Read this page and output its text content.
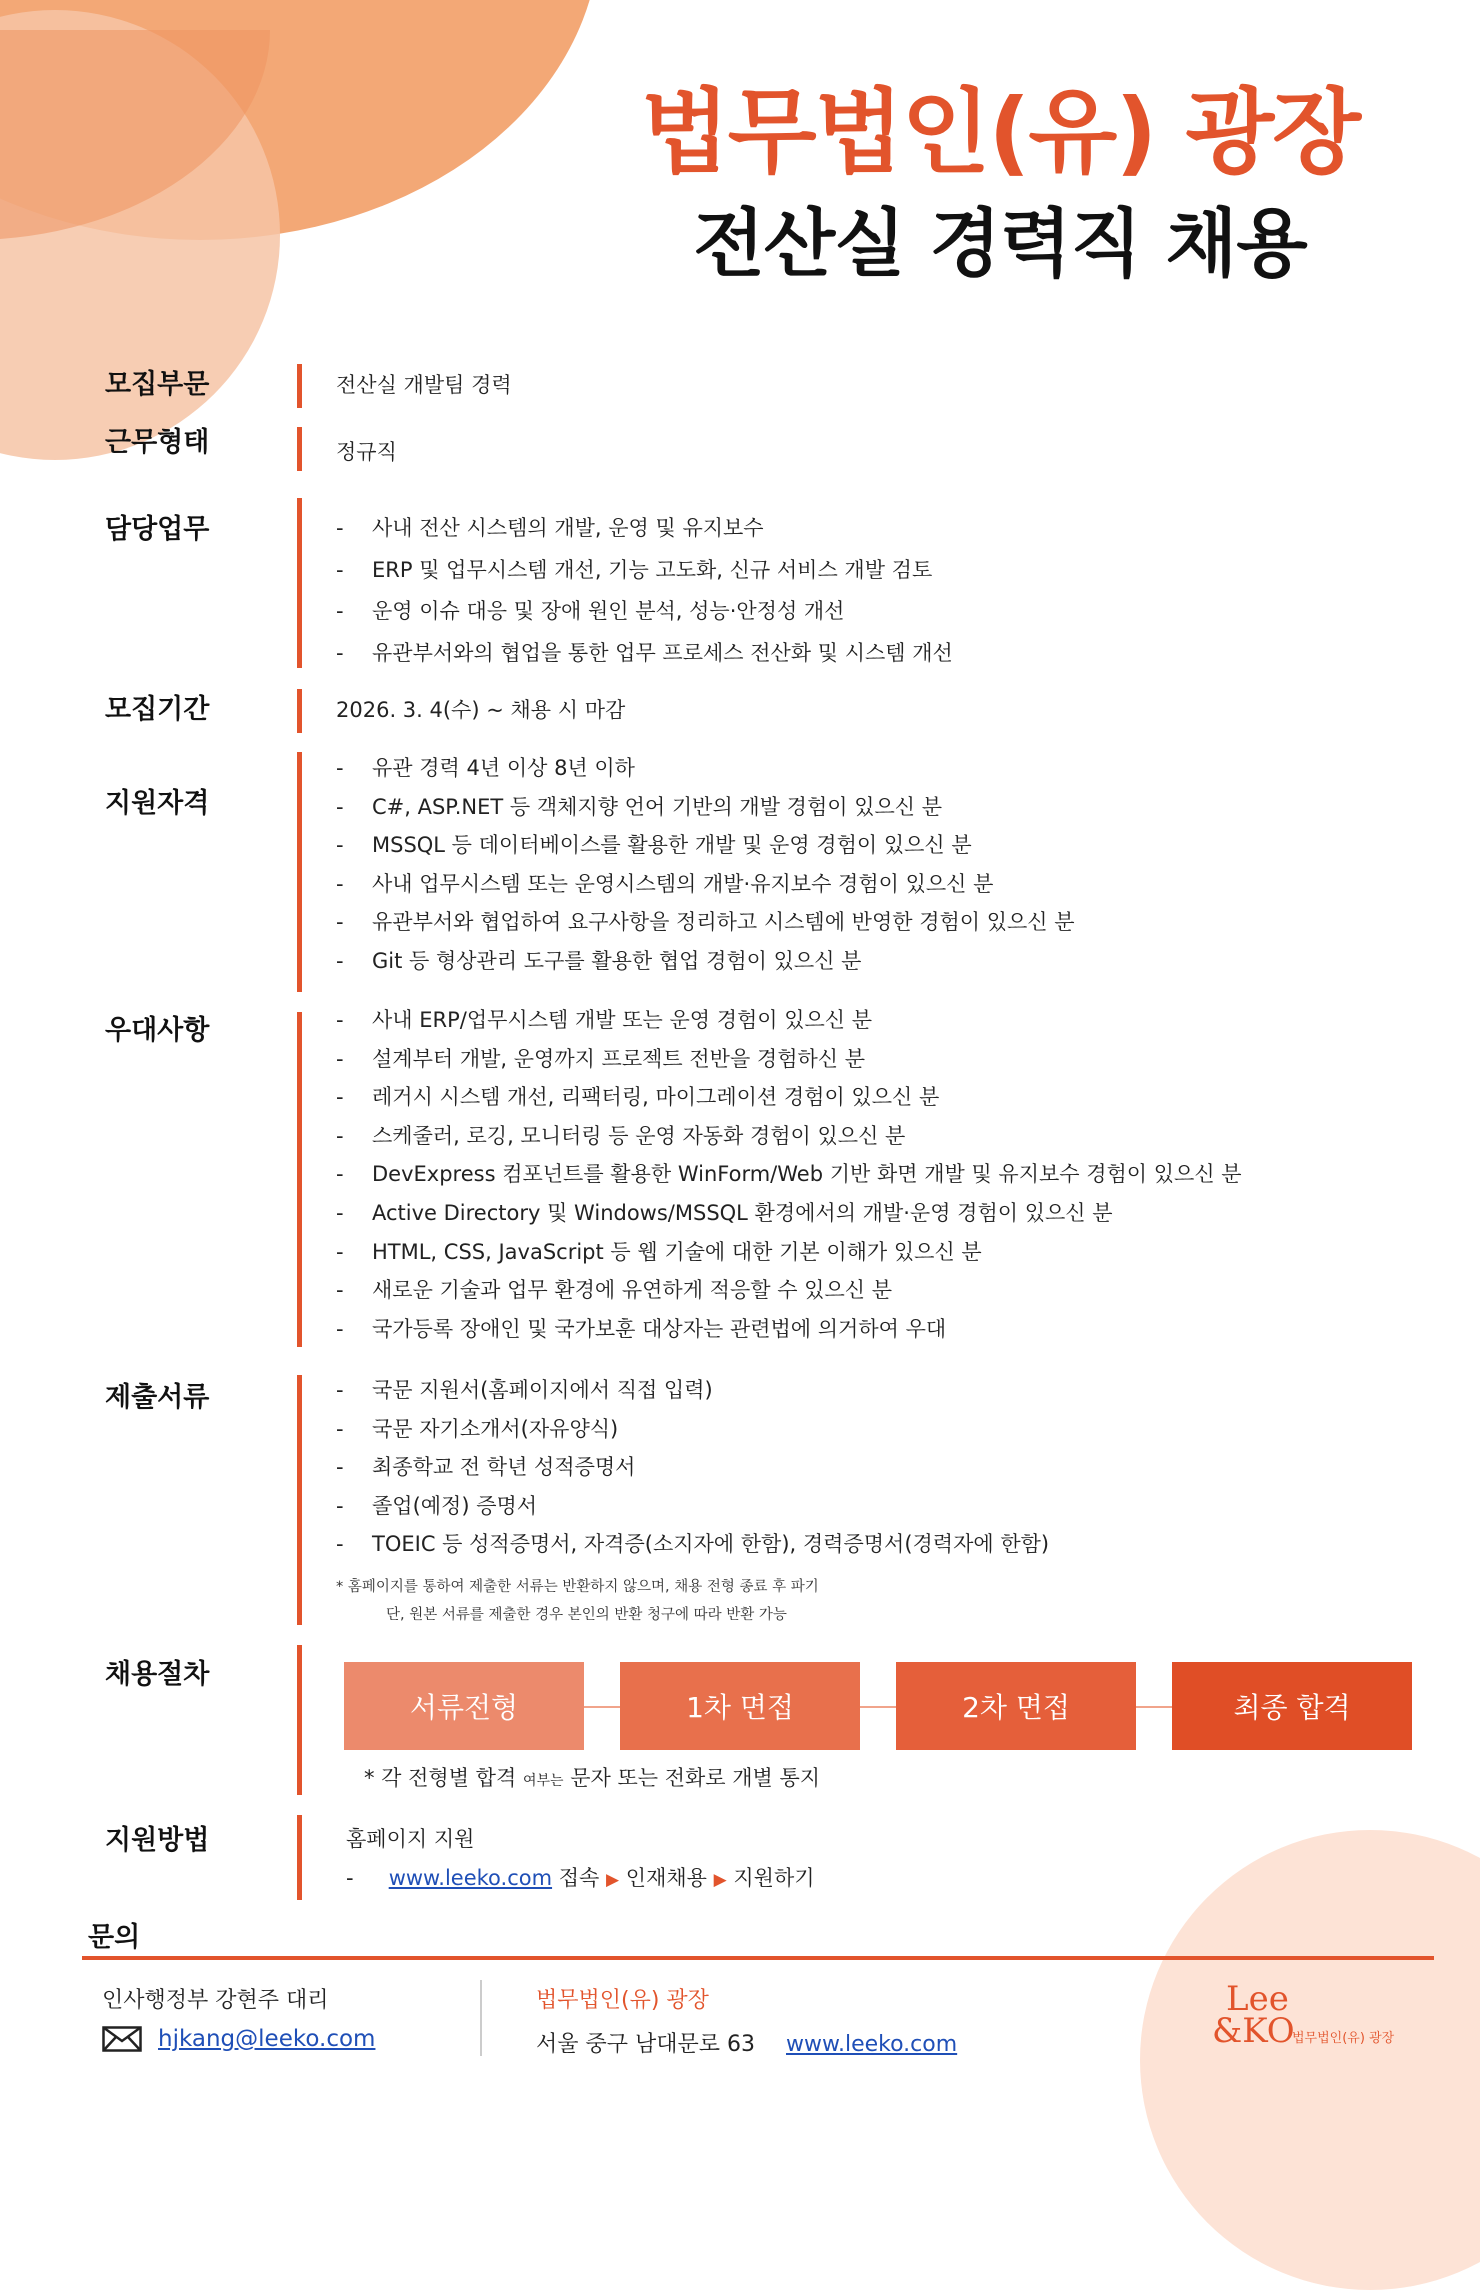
법무법인(유) 광장
전산실 경력직 채용
모집부문	전산실 개발팀 경력
근무형태	정규직
담당업무	- 사내 전산 시스템의 개발, 운영 및 유지보수
- ERP 및 업무시스템 개선, 기능 고도화, 신규 서비스 개발 검토
- 운영 이슈 대응 및 장애 원인 분석, 성능·안정성 개선
- 유관부서와의 협업을 통한 업무 프로세스 전산화 및 시스템 개선
모집기간	2026. 3. 4(수) ~ 채용 시 마감
지원자격
- 유관 경력 4년 이상 8년 이하
- C#, ASP.NET 등 객체지향 언어 기반의 개발 경험이 있으신 분
- MSSQL 등 데이터베이스를 활용한 개발 및 운영 경험이 있으신 분
- 사내 업무시스템 또는 운영시스템의 개발·유지보수 경험이 있으신 분
- 유관부서와 협업하여 요구사항을 정리하고 시스템에 반영한 경험이 있으신 분
- Git 등 형상관리 도구를 활용한 협업 경험이 있으신 분
우대사항	- 사내 ERP/업무시스템 개발 또는 운영 경험이 있으신 분
- 설계부터 개발, 운영까지 프로젝트 전반을 경험하신 분
- 레거시 시스템 개선, 리팩터링, 마이그레이션 경험이 있으신 분
- 스케줄러, 로깅, 모니터링 등 운영 자동화 경험이 있으신 분
- DevExpress 컴포넌트를 활용한 WinForm/Web 기반 화면 개발 및 유지보수 경험이 있으신 분
- Active Directory 및 Windows/MSSQL 환경에서의 개발·운영 경험이 있으신 분
- HTML, CSS, JavaScript 등 웹 기술에 대한 기본 이해가 있으신 분
- 새로운 기술과 업무 환경에 유연하게 적응할 수 있으신 분
- 국가등록 장애인 및 국가보훈 대상자는 관련법에 의거하여 우대
제출서류	- 국문 지원서(홈페이지에서 직접 입력)
- 국문 자기소개서(자유양식)
- 최종학교 전 학년 성적증명서
- 졸업(예정) 증명서
- TOEIC 등 성적증명서, 자격증(소지자에 한함), 경력증명서(경력자에 한함)
* 홈페이지를 통하여 제출한 서류는 반환하지 않으며, 채용 전형 종료 후 파기
단, 원본 서류를 제출한 경우 본인의 반환 청구에 따라 반환 가능
채용절차
서류전형	1차 면접	2차 면접	최종 합격
* 각 전형별 합격 여부는 문자 또는 전화로 개별 통지
지원방법	홈페이지 지원
- www.leeko.com 접속 ▶ 인재채용 ▶ 지원하기
문의
인사행정부 강현주 대리
hjkang@leeko.com
법무법인(유) 광장
서울 중구 남대문로 63 www.leeko.com
Lee
&KO
법무법인(유) 광장
